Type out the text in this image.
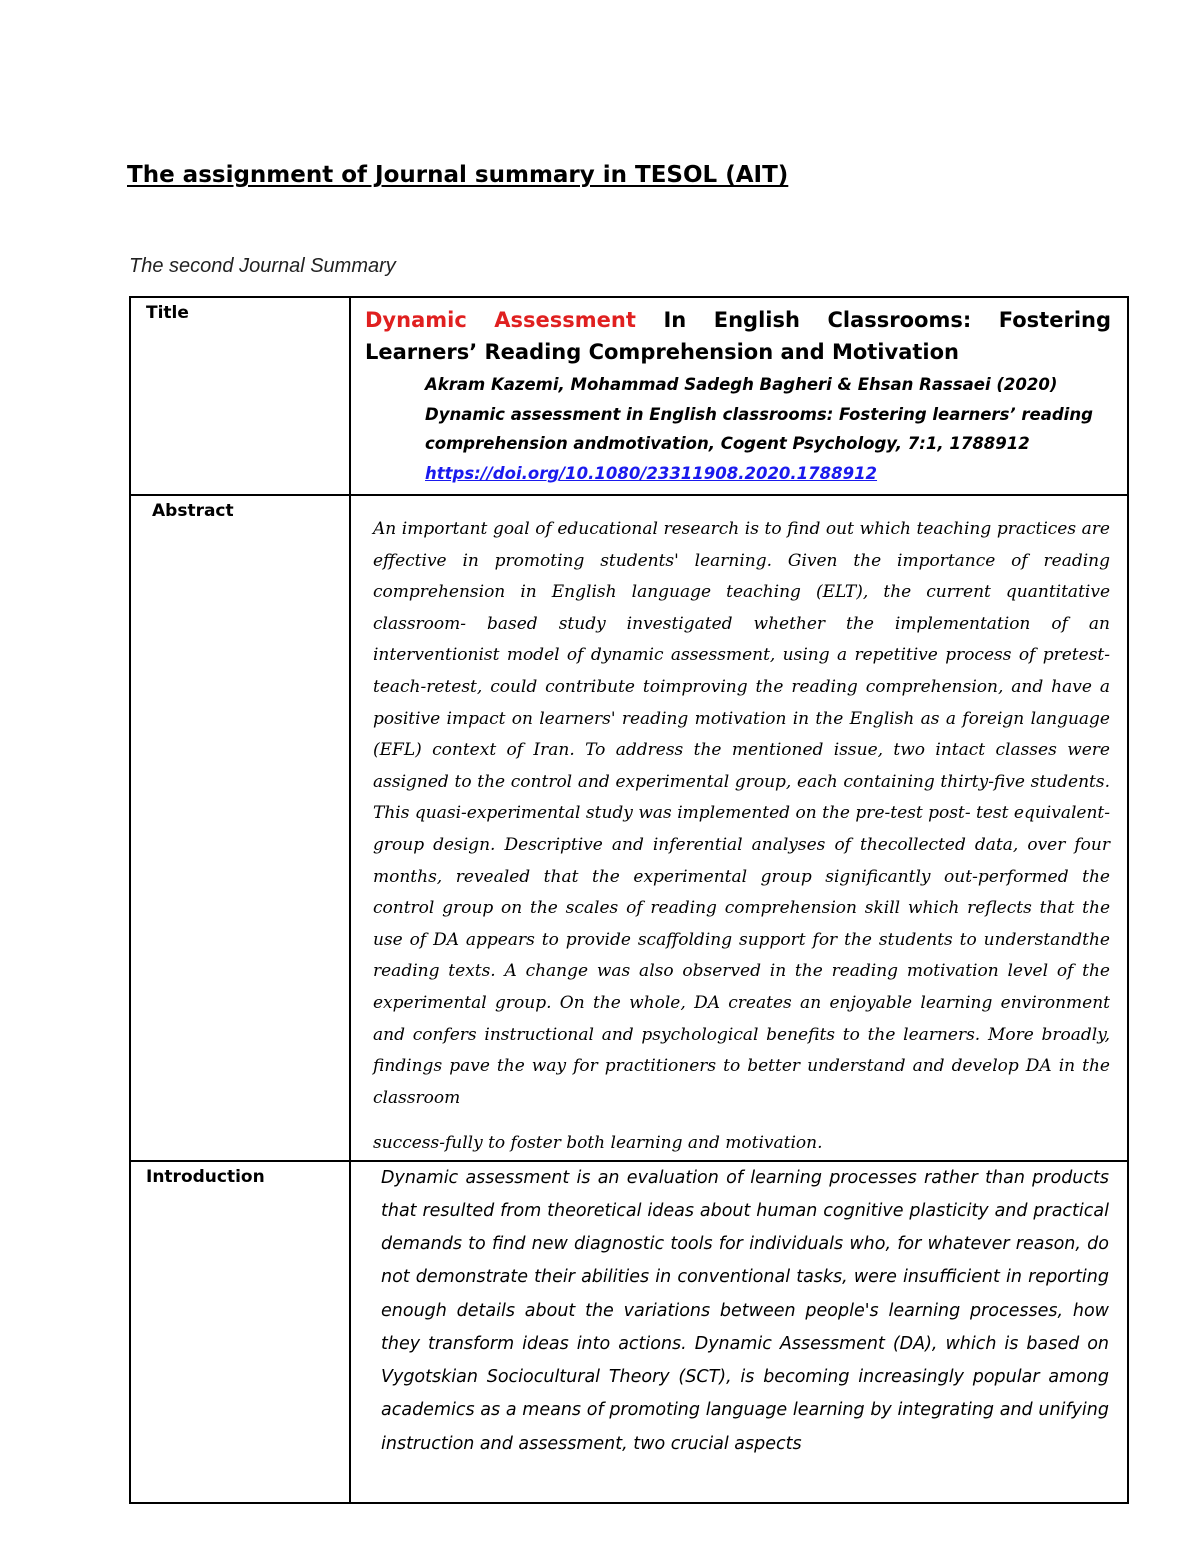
The assignment of Journal summary in TESOL (AIT)
The second Journal Summary
Title	Dynamic Assessment In English Classrooms: Fostering Learners’ Reading Comprehension and Motivation
Akram Kazemi, Mohammad Sadegh Bagheri & Ehsan Rassaei (2020) Dynamic assessment in English classrooms: Fostering learners’ reading comprehension andmotivation, Cogent Psychology, 7:1, 1788912
https://doi.org/10.1080/23311908.2020.1788912

Abstract	An important goal of educational research is to find out which teaching practices are effective in promoting students' learning. Given the importance of reading comprehension in English language teaching (ELT), the current quantitative classroom- based study investigated whether the implementation of an interventionist model of dynamic assessment, using a repetitive process of pretest-teach-retest, could contribute toimproving the reading comprehension, and have a positive impact on learners' reading motivation in the English as a foreign language (EFL) context of Iran. To address the mentioned issue, two intact classes were assigned to the control and experimental group, each containing thirty-five students. This quasi-experimental study was implemented on the pre-test post- test equivalent-group design. Descriptive and inferential analyses of thecollected data, over four months, revealed that the experimental group significantly out-performed the control group on the scales of reading comprehension skill which reflects that the use of DA appears to provide scaffolding support for the students to understandthe reading texts. A change was also observed in the reading motivation level of the experimental group. On the whole, DA creates an enjoyable learning environment and confers instructional and psychological benefits to the learners. More broadly, findings pave the way for practitioners to better understand and develop DA in the classroom
success-fully to foster both learning and motivation.

Introduction	Dynamic assessment is an evaluation of learning processes rather than products that resulted from theoretical ideas about human cognitive plasticity and practical demands to find new diagnostic tools for individuals who, for whatever reason, do not demonstrate their abilities in conventional tasks, were insufficient in reporting enough details about the variations between people's learning processes, how they transform ideas into actions. Dynamic Assessment (DA), which is based on Vygotskian Sociocultural Theory (SCT), is becoming increasingly popular among academics as a means of promoting language learning by integrating and unifying instruction and assessment, two crucial aspects
